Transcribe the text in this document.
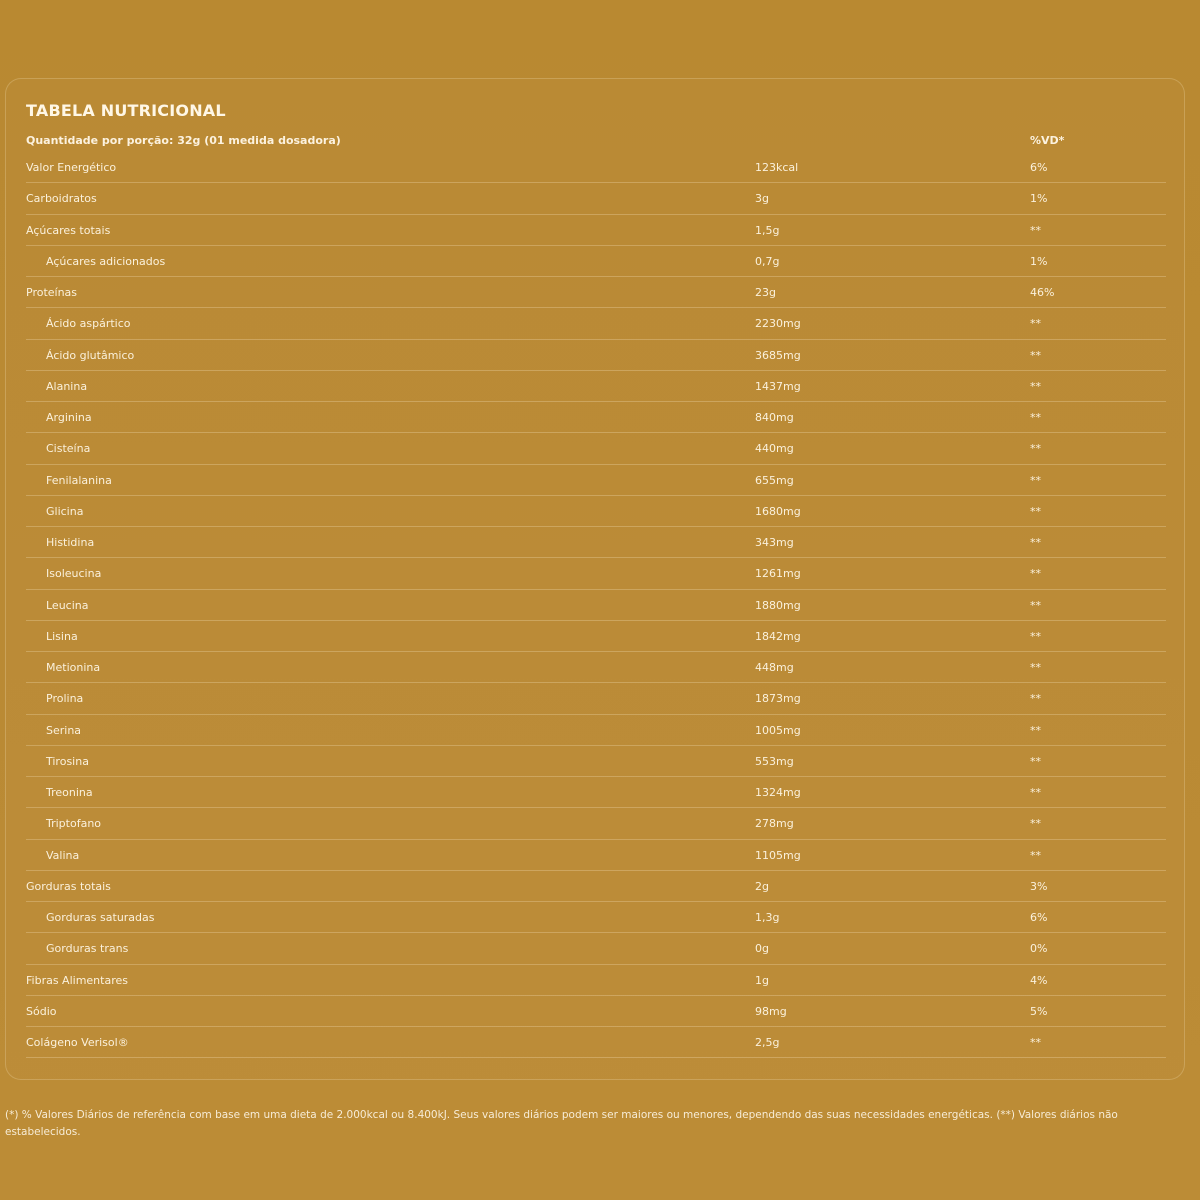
TABELA NUTRICIONAL
Quantidade por porção: 32g (01 medida dosadora)	%VD*
Valor Energético	123kcal	6%
Carboidratos	3g	1%
Açúcares totais	1,5g	**
Açúcares adicionados	0,7g	1%
Proteínas	23g	46%
Ácido aspártico	2230mg	**
Ácido glutâmico	3685mg	**
Alanina	1437mg	**
Arginina	840mg	**
Cisteína	440mg	**
Fenilalanina	655mg	**
Glicina	1680mg	**
Histidina	343mg	**
Isoleucina	1261mg	**
Leucina	1880mg	**
Lisina	1842mg	**
Metionina	448mg	**
Prolina	1873mg	**
Serina	1005mg	**
Tirosina	553mg	**
Treonina	1324mg	**
Triptofano	278mg	**
Valina	1105mg	**
Gorduras totais	2g	3%
Gorduras saturadas	1,3g	6%
Gorduras trans	0g	0%
Fibras Alimentares	1g	4%
Sódio	98mg	5%
Colágeno Verisol®	2,5g	**
(*) % Valores Diários de referência com base em uma dieta de 2.000kcal ou 8.400kJ. Seus valores diários podem ser maiores ou menores, dependendo das suas necessidades energéticas. (**) Valores diários não estabelecidos.
